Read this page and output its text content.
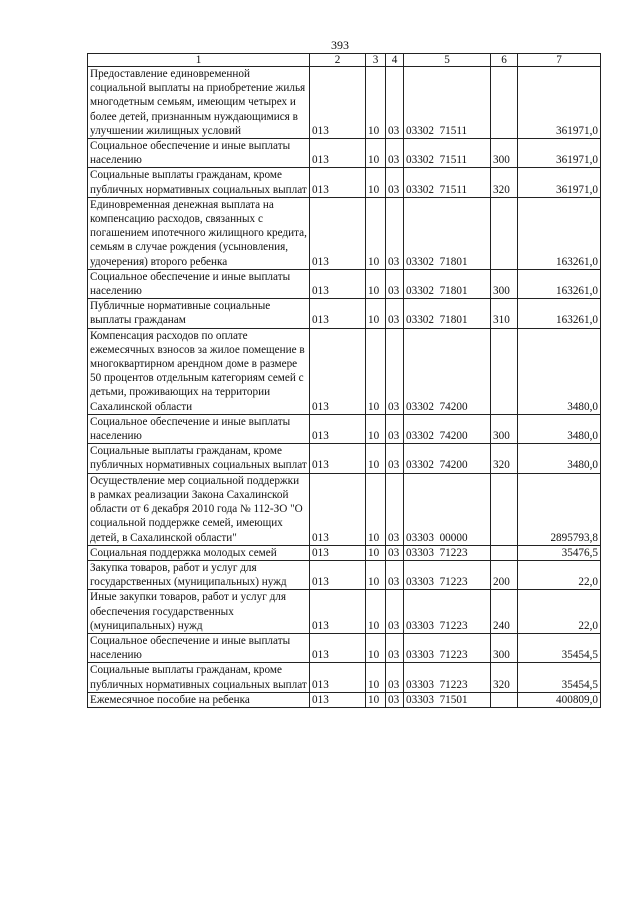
393
1	2	3	4	5	6	7
Предоставление единовременной социальной выплаты на приобретение жилья многодетным семьям, имеющим четырех и более детей, признанным нуждающимися в улучшении жилищных условий	013	10	03	03302  71511		361971,0
Социальное обеспечение и иные выплаты населению	013	10	03	03302  71511	300	361971,0
Социальные выплаты гражданам, кроме публичных нормативных социальных выплат	013	10	03	03302  71511	320	361971,0
Единовременная денежная выплата на компенсацию расходов, связанных с погашением ипотечного жилищного кредита, семьям в случае рождения (усыновления, удочерения) второго ребенка	013	10	03	03302  71801		163261,0
Социальное обеспечение и иные выплаты населению	013	10	03	03302  71801	300	163261,0
Публичные нормативные социальные выплаты гражданам	013	10	03	03302  71801	310	163261,0
Компенсация расходов по оплате ежемесячных взносов за жилое помещение в многоквартирном арендном доме в размере 50 процентов отдельным категориям семей с детьми, проживающих на территории Сахалинской области	013	10	03	03302  74200		3480,0
Социальное обеспечение и иные выплаты населению	013	10	03	03302  74200	300	3480,0
Социальные выплаты гражданам, кроме публичных нормативных социальных выплат	013	10	03	03302  74200	320	3480,0
Осуществление мер социальной поддержки в рамках реализации Закона Сахалинской области от 6 декабря 2010 года № 112-ЗО "О социальной поддержке семей, имеющих детей, в Сахалинской области"	013	10	03	03303  00000		2895793,8
Социальная поддержка молодых семей	013	10	03	03303  71223		35476,5
Закупка товаров, работ и услуг для государственных (муниципальных) нужд	013	10	03	03303  71223	200	22,0
Иные закупки товаров, работ и услуг для обеспечения государственных (муниципальных) нужд	013	10	03	03303  71223	240	22,0
Социальное обеспечение и иные выплаты населению	013	10	03	03303  71223	300	35454,5
Социальные выплаты гражданам, кроме публичных нормативных социальных выплат	013	10	03	03303  71223	320	35454,5
Ежемесячное пособие на ребенка	013	10	03	03303  71501		400809,0
